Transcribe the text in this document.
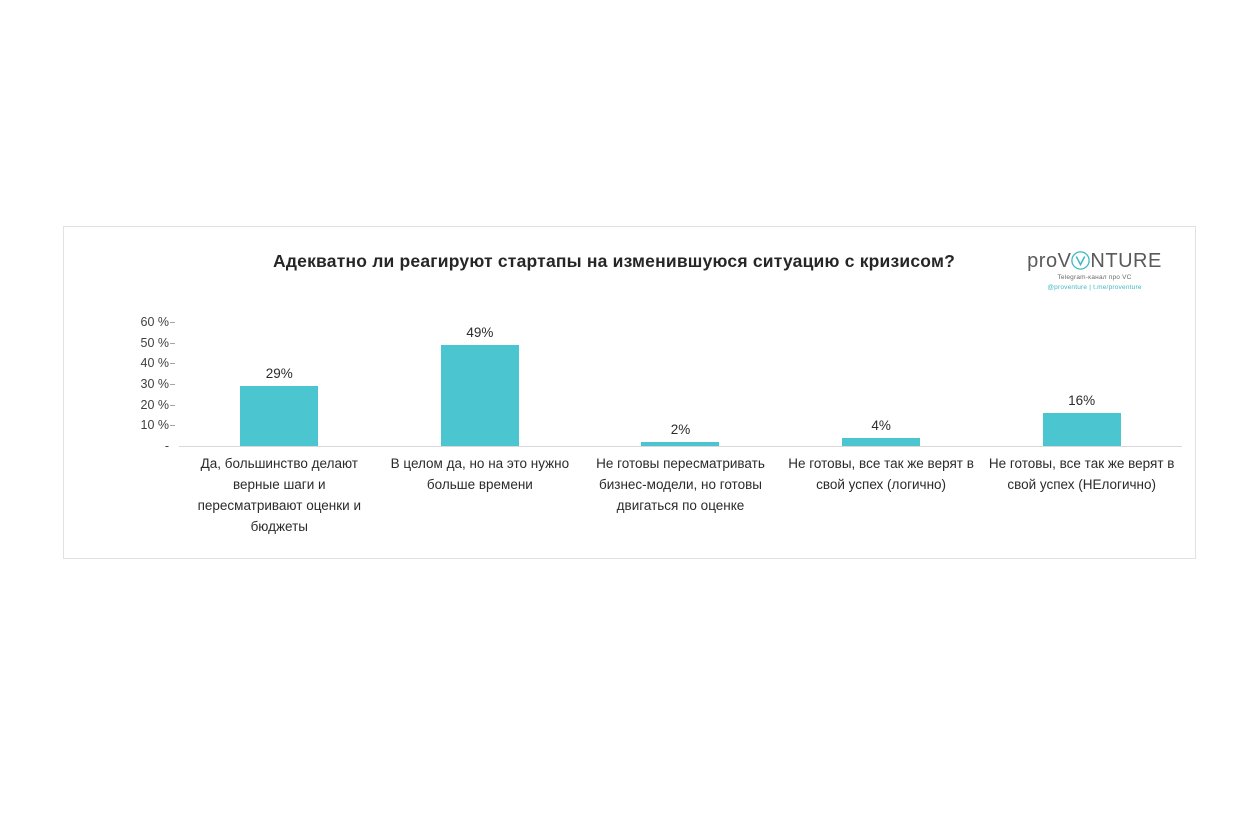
Адекватно ли реагируют стартапы на изменившуюся ситуацию с кризисом?	proV NTURE
Telegram-канал про VC
@proventure | t.me/proventure
60 %
50 %
40 %
30 %
20 %
10 %
-
29%
49%
2%	4%
16%
Да, большинство делают верные шаги и пересматривают оценки и бюджеты
В целом да, но на это нужно больше времени
Не готовы пересматривать бизнес-модели, но готовы двигаться по оценке
Не готовы, все так же верят в свой успех (логично)
Не готовы, все так же верят в свой успех (НЕлогично)
